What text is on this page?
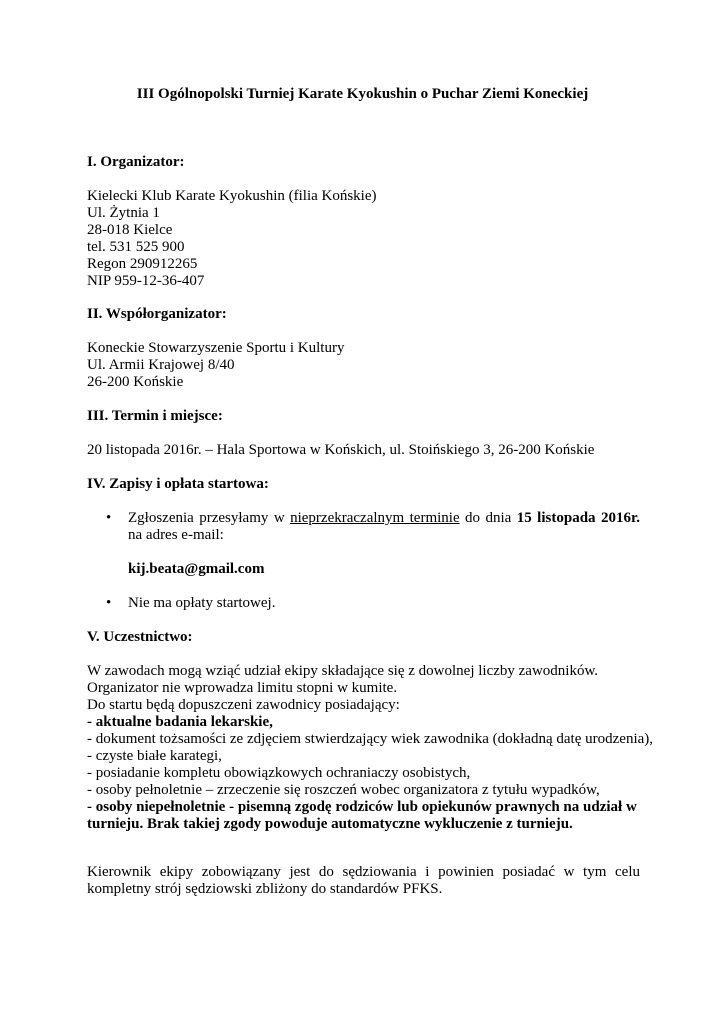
III Ogólnopolski Turniej Karate Kyokushin o Puchar Ziemi Koneckiej
I. Organizator:
Kielecki Klub Karate Kyokushin (filia Końskie)
Ul. Żytnia 1
28-018 Kielce
tel. 531 525 900
Regon 290912265
NIP 959-12-36-407
II. Współorganizator:
Koneckie Stowarzyszenie Sportu i Kultury
Ul. Armii Krajowej 8/40
26-200 Końskie
III. Termin i miejsce:
20 listopada 2016r. – Hala Sportowa w Końskich, ul. Stoińskiego 3, 26-200 Końskie
IV. Zapisy i opłata startowa:
•	Zgłoszenia przesyłamy w nieprzekraczalnym terminie do dnia 15 listopada 2016r.
na adres e-mail:
kij.beata@gmail.com
•	Nie ma opłaty startowej.
V. Uczestnictwo:
W zawodach mogą wziąć udział ekipy składające się z dowolnej liczby zawodników.
Organizator nie wprowadza limitu stopni w kumite.
Do startu będą dopuszczeni zawodnicy posiadający:
- aktualne badania lekarskie,
- dokument tożsamości ze zdjęciem stwierdzający wiek zawodnika (dokładną datę urodzenia),
- czyste białe karategi,
- posiadanie kompletu obowiązkowych ochraniaczy osobistych,
- osoby pełnoletnie – zrzeczenie się roszczeń wobec organizatora z tytułu wypadków,
- osoby niepełnoletnie - pisemną zgodę rodziców lub opiekunów prawnych na udział w
turnieju. Brak takiej zgody powoduje automatyczne wykluczenie z turnieju.
Kierownik ekipy zobowiązany jest do sędziowania i powinien posiadać w tym celu
kompletny strój sędziowski zbliżony do standardów PFKS.
